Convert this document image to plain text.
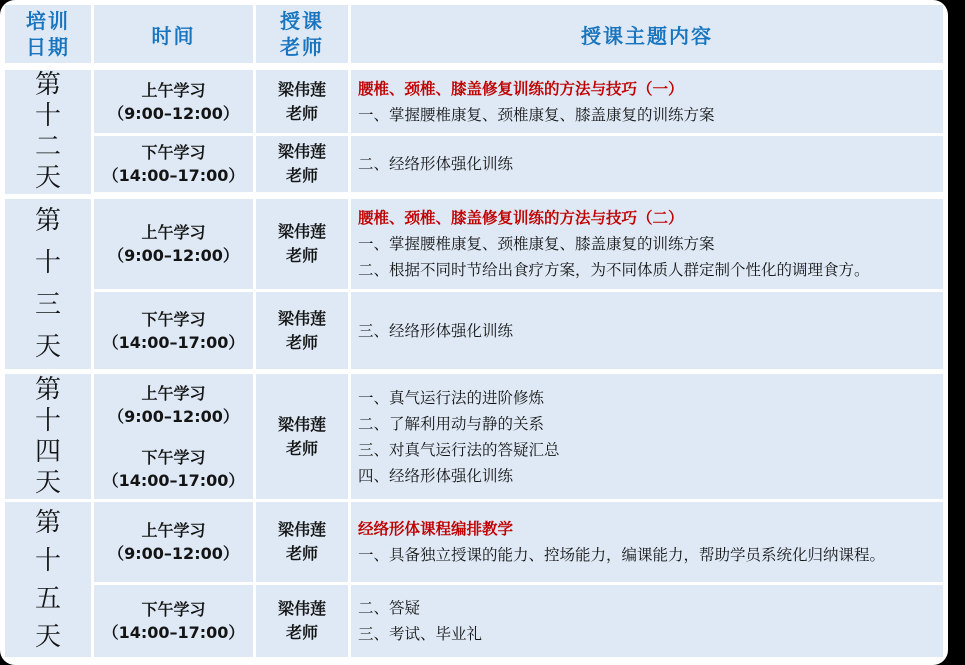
培训日期	时间
授课老师	授课主题内容
第十二天
上午学习
（9:00–12:00）
梁伟莲
老师
腰椎、颈椎、膝盖修复训练的方法与技巧（一）
一、掌握腰椎康复、颈椎康复、膝盖康复的训练方案
下午学习
（14:00–17:00）
梁伟莲
老师
二、经络形体强化训练
第十三天
上午学习
（9:00–12:00）
梁伟莲
老师
腰椎、颈椎、膝盖修复训练的方法与技巧（二）
一、掌握腰椎康复、颈椎康复、膝盖康复的训练方案
二、根据不同时节给出食疗方案，为不同体质人群定制个性化的调理食方。
下午学习
（14:00–17:00）
梁伟莲
老师
三、经络形体强化训练
第十四天
上午学习
（9:00–12:00）
下午学习
（14:00–17:00）
梁伟莲
老师
一、真气运行法的进阶修炼
二、了解利用动与静的关系
三、对真气运行法的答疑汇总
四、经络形体强化训练
第十五天
上午学习
（9:00–12:00）
梁伟莲
老师
经络形体课程编排教学
一、具备独立授课的能力、控场能力，编课能力，帮助学员系统化归纳课程。
下午学习
（14:00–17:00）
梁伟莲
老师
二、答疑
三、考试、毕业礼
